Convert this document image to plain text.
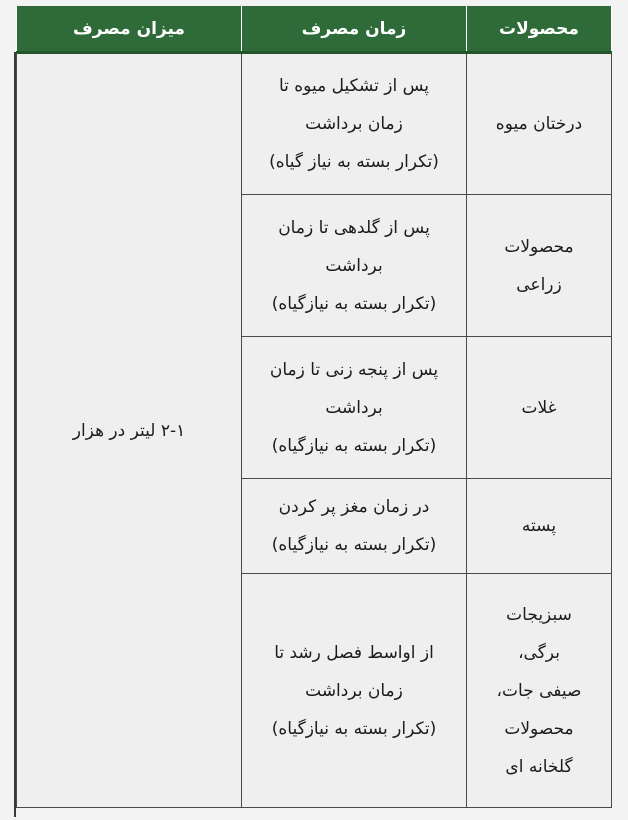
محصولات	زمان مصرف	میزان مصرف

درختان میوه	پس از تشکیل میوه تا
زمان برداشت
(تکرار بسته به نیاز گیاه)	۲-۱ لیتر در هزار

محصولات
زراعی	پس از گلدهی تا زمان
برداشت
(تکرار بسته به نیازگیاه)	

غلات	پس از پنجه زنی تا زمان
برداشت
(تکرار بسته به نیازگیاه)	

پسته	در زمان مغز پر کردن
(تکرار بسته به نیازگیاه)	

سبزیجات
برگی،
صیفی جات،
محصولات
گلخانه ای	از اواسط فصل رشد تا
زمان برداشت
(تکرار بسته به نیازگیاه)	
